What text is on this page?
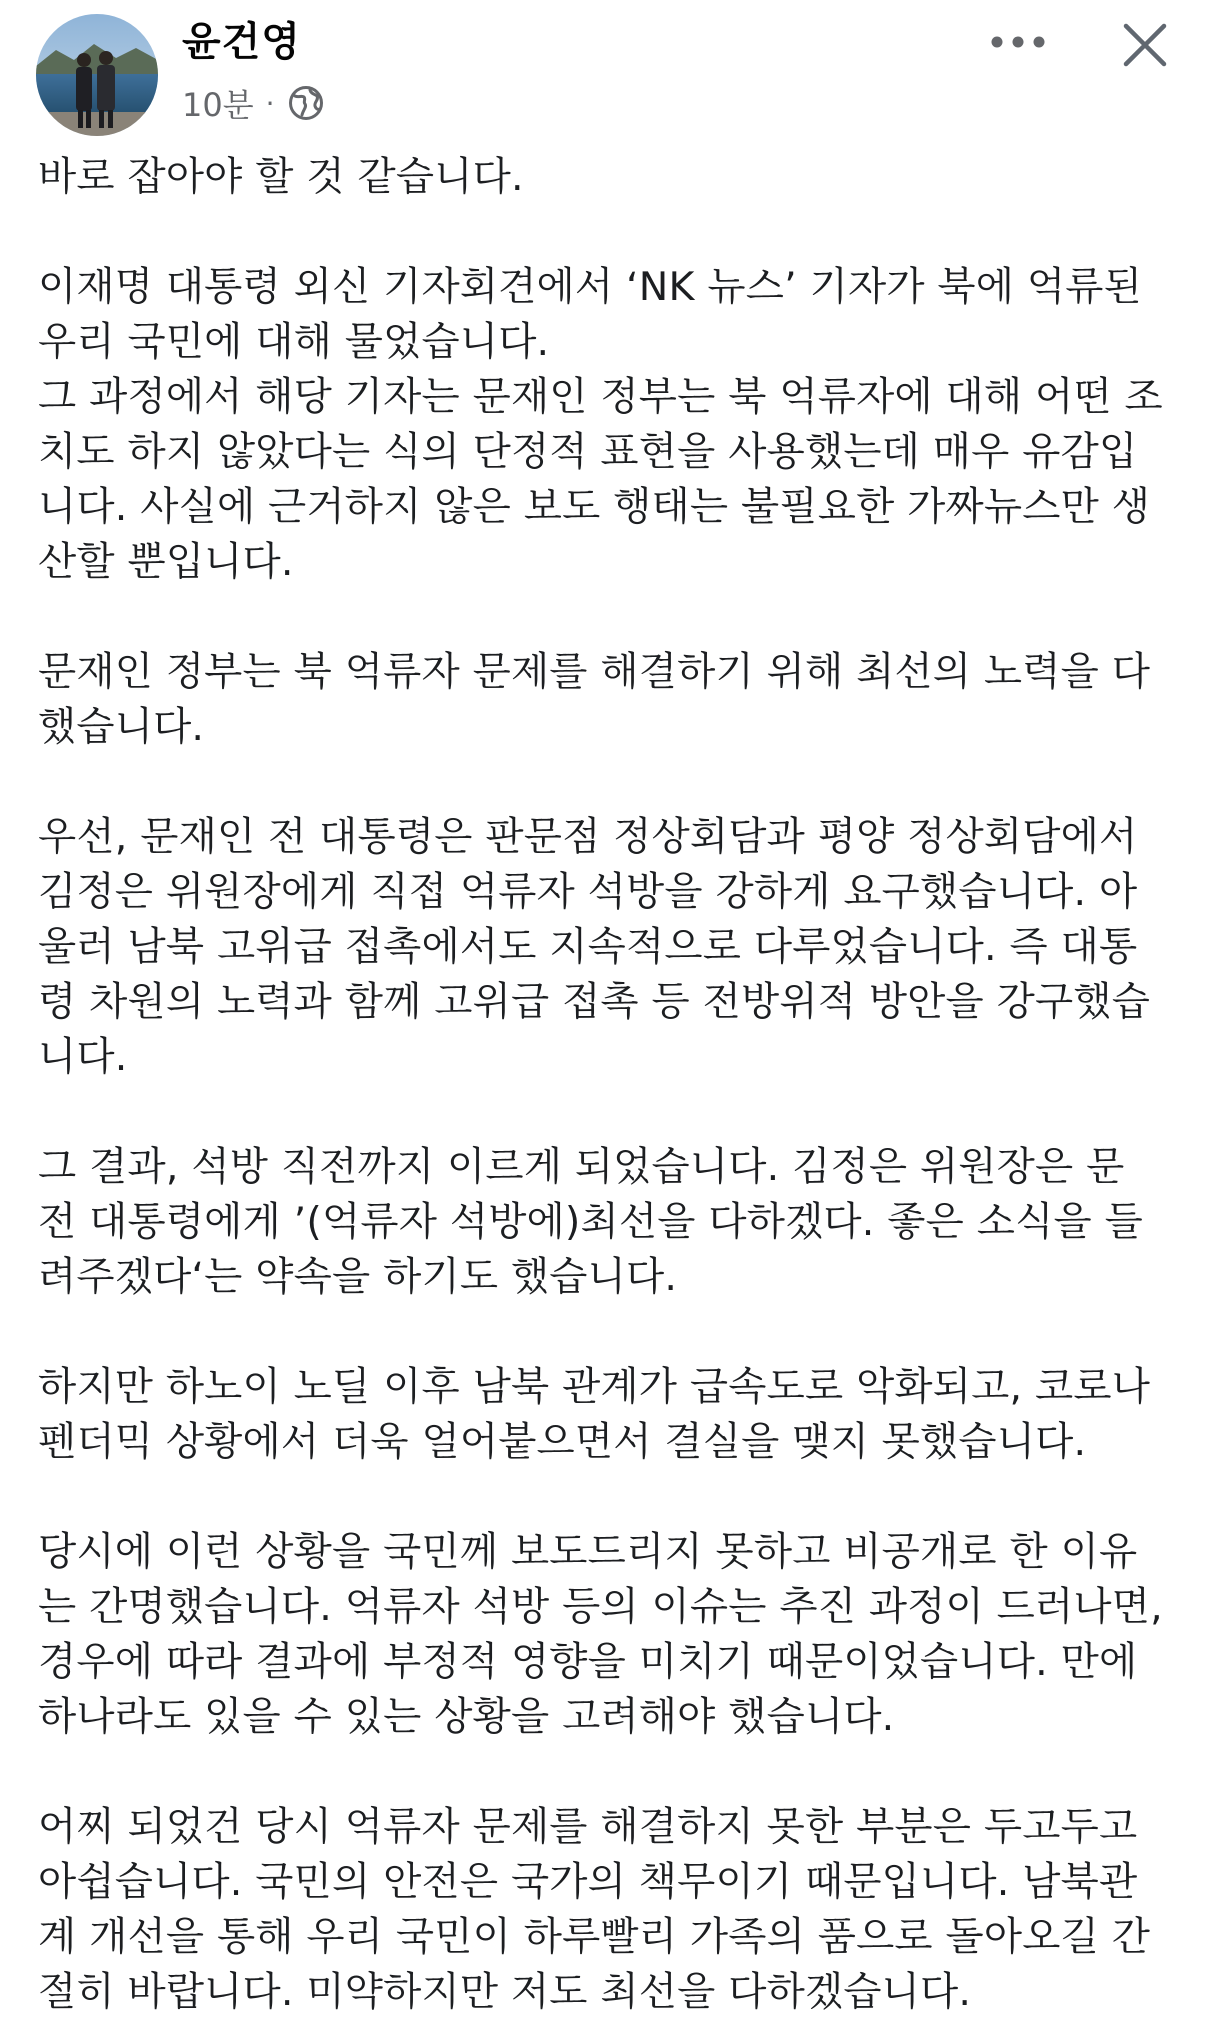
윤건영
10분 ·

바로 잡아야 할 것 같습니다.

이재명 대통령 외신 기자회견에서 ‘NK 뉴스’ 기자가 북에 억류된
우리 국민에 대해 물었습니다.
그 과정에서 해당 기자는 문재인 정부는 북 억류자에 대해 어떤 조
치도 하지 않았다는 식의 단정적 표현을 사용했는데 매우 유감입
니다. 사실에 근거하지 않은 보도 행태는 불필요한 가짜뉴스만 생
산할 뿐입니다.

문재인 정부는 북 억류자 문제를 해결하기 위해 최선의 노력을 다
했습니다.

우선, 문재인 전 대통령은 판문점 정상회담과 평양 정상회담에서
김정은 위원장에게 직접 억류자 석방을 강하게 요구했습니다. 아
울러 남북 고위급 접촉에서도 지속적으로 다루었습니다. 즉 대통
령 차원의 노력과 함께 고위급 접촉 등 전방위적 방안을 강구했습
니다.

그 결과, 석방 직전까지 이르게 되었습니다. 김정은 위원장은 문
전 대통령에게 ’(억류자 석방에)최선을 다하겠다. 좋은 소식을 들
려주겠다‘는 약속을 하기도 했습니다.

하지만 하노이 노딜 이후 남북 관계가 급속도로 악화되고, 코로나
펜더믹 상황에서 더욱 얼어붙으면서 결실을 맺지 못했습니다.

당시에 이런 상황을 국민께 보도드리지 못하고 비공개로 한 이유
는 간명했습니다. 억류자 석방 등의 이슈는 추진 과정이 드러나면,
경우에 따라 결과에 부정적 영향을 미치기 때문이었습니다. 만에
하나라도 있을 수 있는 상황을 고려해야 했습니다.

어찌 되었건 당시 억류자 문제를 해결하지 못한 부분은 두고두고
아쉽습니다. 국민의 안전은 국가의 책무이기 때문입니다. 남북관
계 개선을 통해 우리 국민이 하루빨리 가족의 품으로 돌아오길 간
절히 바랍니다. 미약하지만 저도 최선을 다하겠습니다.
